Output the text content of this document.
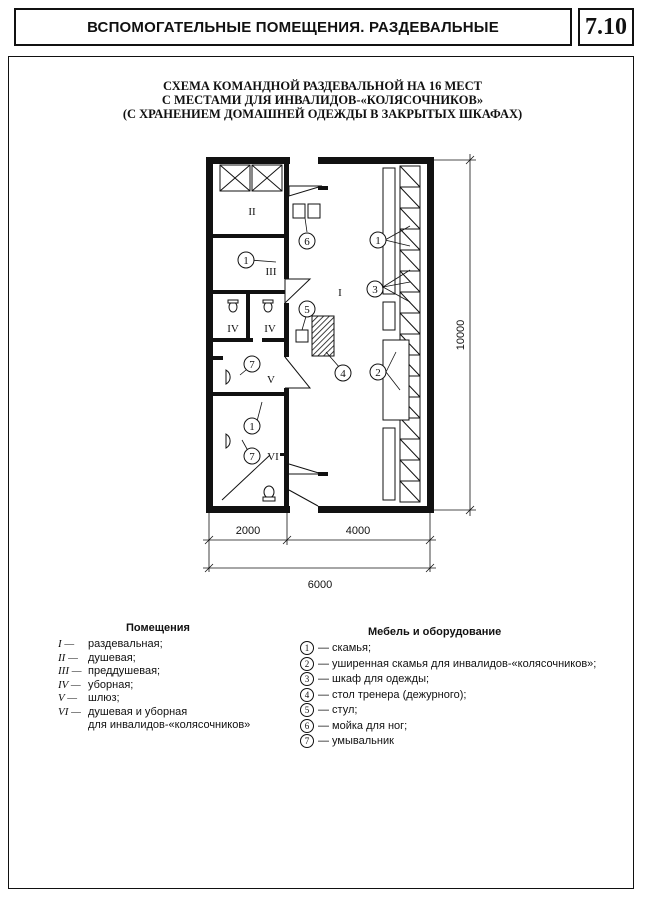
ВСПОМОГАТЕЛЬНЫЕ ПОМЕЩЕНИЯ. РАЗДЕВАЛЬНЫЕ	7.10
СХЕМА КОМАНДНОЙ РАЗДЕВАЛЬНОЙ НА 16 МЕСТ
С МЕСТАМИ ДЛЯ ИНВАЛИДОВ-«КОЛЯСОЧНИКОВ»
(С ХРАНЕНИЕМ ДОМАШНЕЙ ОДЕЖДЫ В ЗАКРЫТЫХ ШКАФАХ)
1
2
3
4
5
6
1
7
1
7
I
II
III
IV IV
V
VI
2000	4000
6000
10000
Помещения
I —	раздевальная;
II — душевая;
III — преддушевая;
IV — уборная;
V — шлюз;
VI — душевая и уборная
для инвалидов-«колясочников»
Мебель и оборудование
1 — скамья;
2 — уширенная скамья для инвалидов-«колясочников»;
3 — шкаф для одежды;
4 — стол тренера (дежурного);
5 — стул;
6 — мойка для ног;
7 — умывальник
